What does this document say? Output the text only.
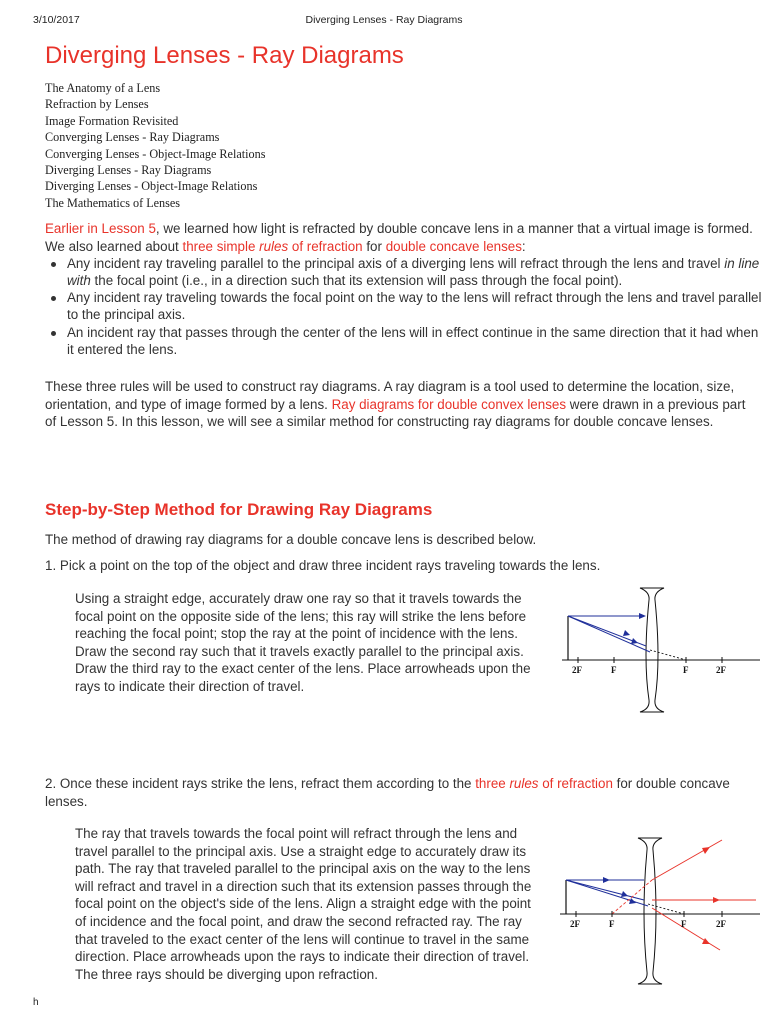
3/10/2017	Diverging Lenses - Ray Diagrams
Diverging Lenses - Ray Diagrams
The Anatomy of a Lens
Refraction by Lenses
Image Formation Revisited
Converging Lenses - Ray Diagrams
Converging Lenses - Object-Image Relations
Diverging Lenses - Ray Diagrams
Diverging Lenses - Object-Image Relations
The Mathematics of Lenses

Earlier in Lesson 5, we learned how light is refracted by double concave lens in a manner that a virtual image is formed. We also learned about three simple rules of refraction for double concave lenses:

Any incident ray traveling parallel to the principal axis of a diverging lens will refract through the lens and travel in line with the focal point (i.e., in a direction such that its extension will pass through the focal point).
Any incident ray traveling towards the focal point on the way to the lens will refract through the lens and travel parallel to the principal axis.
An incident ray that passes through the center of the lens will in effect continue in the same direction that it had when it entered the lens.

These three rules will be used to construct ray diagrams. A ray diagram is a tool used to determine the location, size, orientation, and type of image formed by a lens. Ray diagrams for double convex lenses were drawn in a previous part of Lesson 5. In this lesson, we will see a similar method for constructing ray diagrams for double concave lenses.

Step-by-Step Method for Drawing Ray Diagrams

The method of drawing ray diagrams for a double concave lens is described below.

1. Pick a point on the top of the object and draw three incident rays traveling towards the lens.

Using a straight edge, accurately draw one ray so that it travels towards the focal point on the opposite side of the lens; this ray will strike the lens before reaching the focal point; stop the ray at the point of incidence with the lens. Draw the second ray such that it travels exactly parallel to the principal axis. Draw the third ray to the exact center of the lens. Place arrowheads upon the rays to indicate their direction of travel.

2F	F	F	2F

2. Once these incident rays strike the lens, refract them according to the three rules of refraction for double concave lenses.

The ray that travels towards the focal point will refract through the lens and travel parallel to the principal axis. Use a straight edge to accurately draw its path. The ray that traveled parallel to the principal axis on the way to the lens will refract and travel in a direction such that its extension passes through the focal point on the object's side of the lens. Align a straight edge with the point of incidence and the focal point, and draw the second refracted ray. The ray that traveled to the exact center of the lens will continue to travel in the same direction. Place arrowheads upon the rays to indicate their direction of travel. The three rays should be diverging upon refraction.

2F	F	F	2F
h
